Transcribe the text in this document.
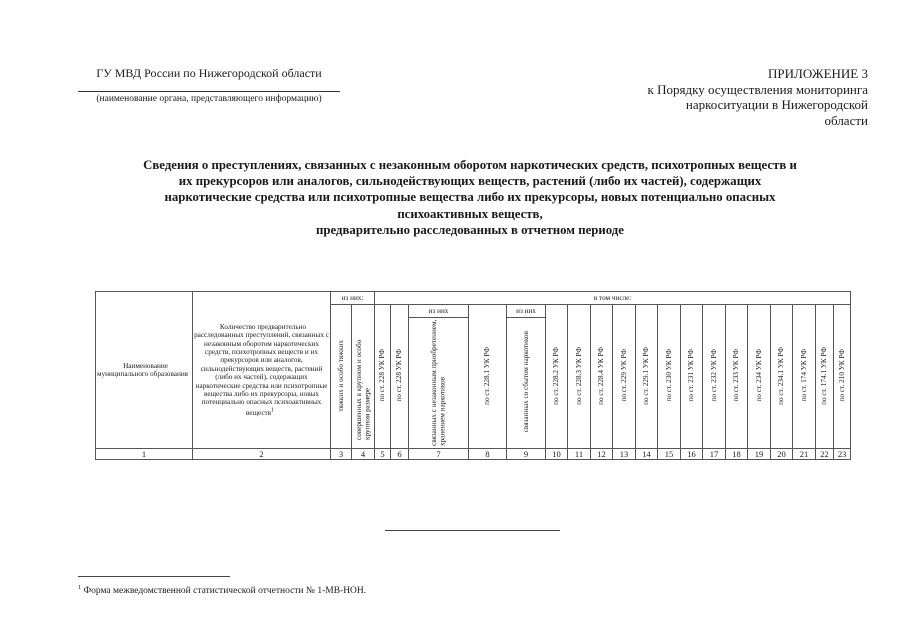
ГУ МВД России по Нижегородской области
(наименование органа, представляющего информацию)
ПРИЛОЖЕНИЕ 3
к Порядку осуществления мониторинга
наркоситуации в Нижегородской
области
Сведения о преступлениях, связанных с незаконным оборотом наркотических средств, психотропных веществ и
их прекурсоров или аналогов, сильнодействующих веществ, растений (либо их частей), содержащих
наркотические средства или психотропные вещества либо их прекурсоры, новых потенциально опасных
психоактивных веществ,
предварительно расследованных в отчетном периоде
Наименование муниципального образования	Количество предварительно расследованных преступлений, связанных с незаконным оборотом наркотических средств, психотропных веществ и их прекурсоров или аналогов, сильнодействующих веществ, растений (либо их частей), содержащих наркотические средства или психотропные вещества либо их прекурсоры, новых потенциально опасных психоактивных веществ$^1$	из них:		в том числе:																		
		тяжких и особо тяжких	совершенных в крупном и особо крупном размере	по ст. 228 УК РФ	по ст. 228 УК РФ	из них	по ст. 228.1 УК РФ	из них	по ст. 228.2 УК РФ	по ст. 228.3 УК РФ	по ст. 228.4 УК РФ	по ст. 229 УК РФ	по ст. 229.1 УК РФ	по ст. 230 УК РФ	по ст. 231 УК РФ	по ст. 232 УК РФ	по ст. 233 УК РФ	по ст. 234 УК РФ	по ст. 234.1 УК РФ	по ст. 174 УК РФ	по ст. 174.1 УК РФ	по ст. 210 УК РФ
						связанных с незаконным приобретением, хранением наркотиков		связанных со сбытом наркотиков														
1	2	3	4	5	6	7	8	9	10	11	12	13	14	15	16	17	18	19	20	21	22	23
$^1$ Форма межведомственной статистической отчетности № 1-МВ-НОН.
